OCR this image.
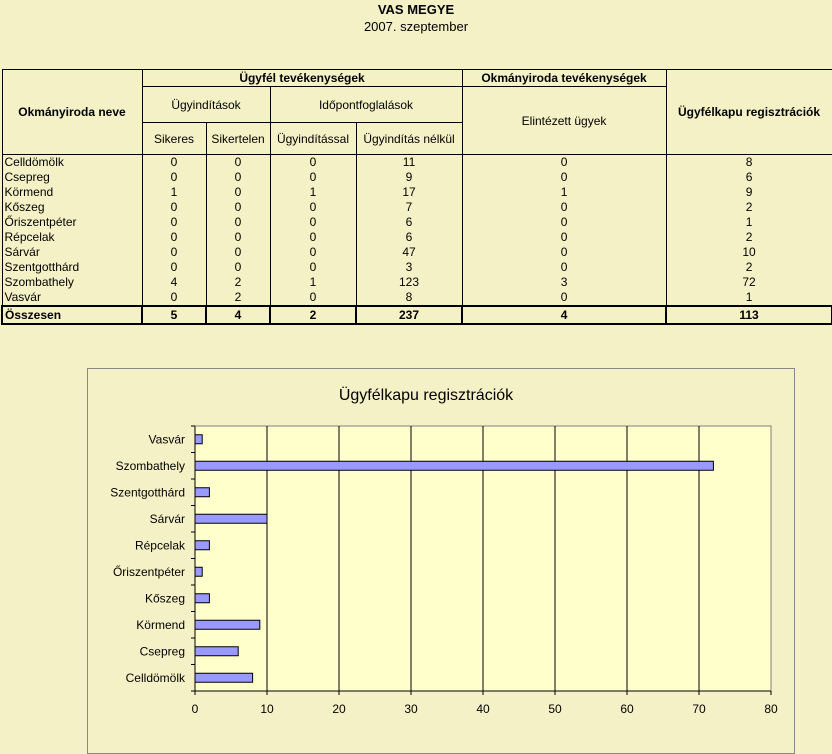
VAS MEGYE
2007. szeptember
Okmányiroda neve	Ügyfél tevékenységek				Okmányiroda tevékenységek	Ügyfélkapu regisztrációk
	Ügyindítások		Időpontfoglalások		Elintézett ügyek	
	Sikeres	Sikertelen	Ügyindítással	Ügyindítás nélkül		
Celldömölk	0	0	0	11	0	8
Csepreg	0	0	0	9	0	6
Körmend	1	0	1	17	1	9
Kőszeg	0	0	0	7	0	2
Őriszentpéter	0	0	0	6	0	1
Répcelak	0	0	0	6	0	2
Sárvár	0	0	0	47	0	10
Szentgotthárd	0	0	0	3	0	2
Szombathely	4	2	1	123	3	72
Vasvár	0	2	0	8	0	1
Összesen	5	4	2	237	4	113
Ügyfélkapu regisztrációk
Vasvár
Szombathely
Szentgotthárd
Sárvár
Répcelak
Őriszentpéter
Kőszeg
Körmend
Csepreg
Celldömölk
0	10	20	30	40	50	60	70	80
